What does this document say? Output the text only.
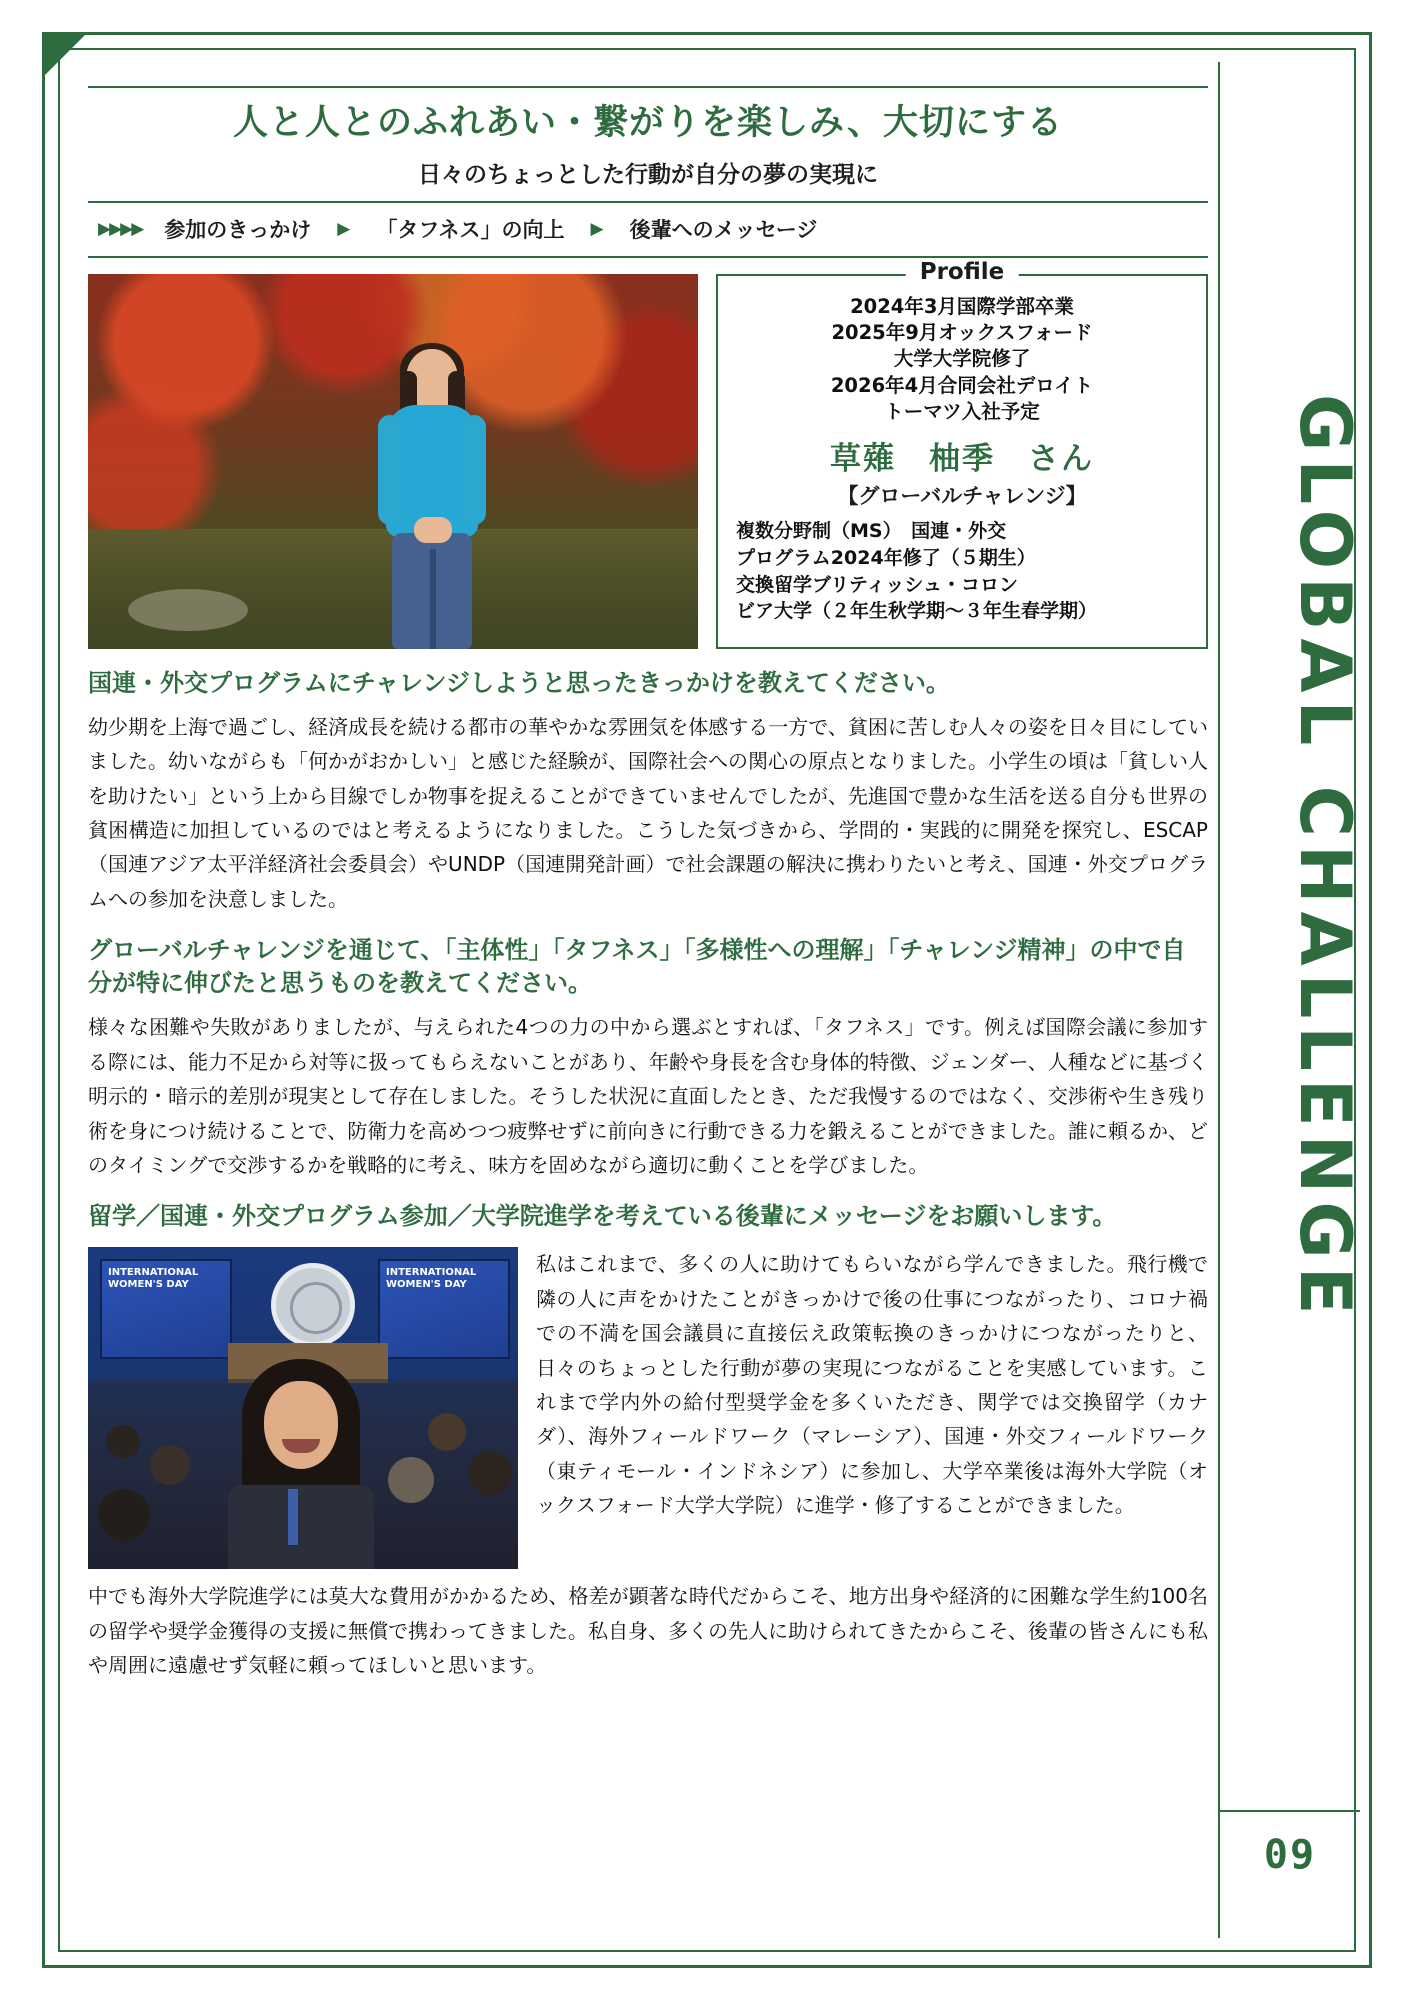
GLOBAL CHALLENGE
09
人と人とのふれあい・繋がりを楽しみ、大切にする
日々のちょっとした行動が自分の夢の実現に
▶▶▶▶ 参加のきっかけ ▶ 「タフネス」の向上 ▶ 後輩へのメッセージ
Profile
2024年3月国際学部卒業
2025年9月オックスフォード
大学大学院修了
2026年4月合同会社デロイト
トーマツ入社予定
草薙　柚季　さん
【グローバルチャレンジ】
複数分野制（MS）　国連・外交
プログラム2024年修了（５期生）
交換留学ブリティッシュ・コロン
ビア大学（２年生秋学期〜３年生春学期）
国連・外交プログラムにチャレンジしようと思ったきっかけを教えてください。
幼少期を上海で過ごし、経済成長を続ける都市の華やかな雰囲気を体感する一方で、貧困に苦しむ人々の姿を日々目にしていました。幼いながらも「何かがおかしい」と感じた経験が、国際社会への関心の原点となりました。小学生の頃は「貧しい人を助けたい」という上から目線でしか物事を捉えることができていませんでしたが、先進国で豊かな生活を送る自分も世界の貧困構造に加担しているのではと考えるようになりました。こうした気づきから、学問的・実践的に開発を探究し、ESCAP（国連アジア太平洋経済社会委員会）やUNDP（国連開発計画）で社会課題の解決に携わりたいと考え、国連・外交プログラムへの参加を決意しました。
グローバルチャレンジを通じて、「主体性」「タフネス」「多様性への理解」「チャレンジ精神」の中で自分が特に伸びたと思うものを教えてください。
様々な困難や失敗がありましたが、与えられた4つの力の中から選ぶとすれば、「タフネス」です。例えば国際会議に参加する際には、能力不足から対等に扱ってもらえないことがあり、年齢や身長を含む身体的特徴、ジェンダー、人種などに基づく明示的・暗示的差別が現実として存在しました。そうした状況に直面したとき、ただ我慢するのではなく、交渉術や生き残り術を身につけ続けることで、防衛力を高めつつ疲弊せずに前向きに行動できる力を鍛えることができました。誰に頼るか、どのタイミングで交渉するかを戦略的に考え、味方を固めながら適切に動くことを学びました。
留学／国連・外交プログラム参加／大学院進学を考えている後輩にメッセージをお願いします。
INTERNATIONAL WOMEN'S DAY
INTERNATIONAL WOMEN'S DAY
私はこれまで、多くの人に助けてもらいながら学んできました。飛行機で隣の人に声をかけたことがきっかけで後の仕事につながったり、コロナ禍での不満を国会議員に直接伝え政策転換のきっかけにつながったりと、日々のちょっとした行動が夢の実現につながることを実感しています。これまで学内外の給付型奨学金を多くいただき、関学では交換留学（カナダ）、海外フィールドワーク（マレーシア）、国連・外交フィールドワーク（東ティモール・インドネシア）に参加し、大学卒業後は海外大学院（オックスフォード大学大学院）に進学・修了することができました。
中でも海外大学院進学には莫大な費用がかかるため、格差が顕著な時代だからこそ、地方出身や経済的に困難な学生約100名の留学や奨学金獲得の支援に無償で携わってきました。私自身、多くの先人に助けられてきたからこそ、後輩の皆さんにも私や周囲に遠慮せず気軽に頼ってほしいと思います。
